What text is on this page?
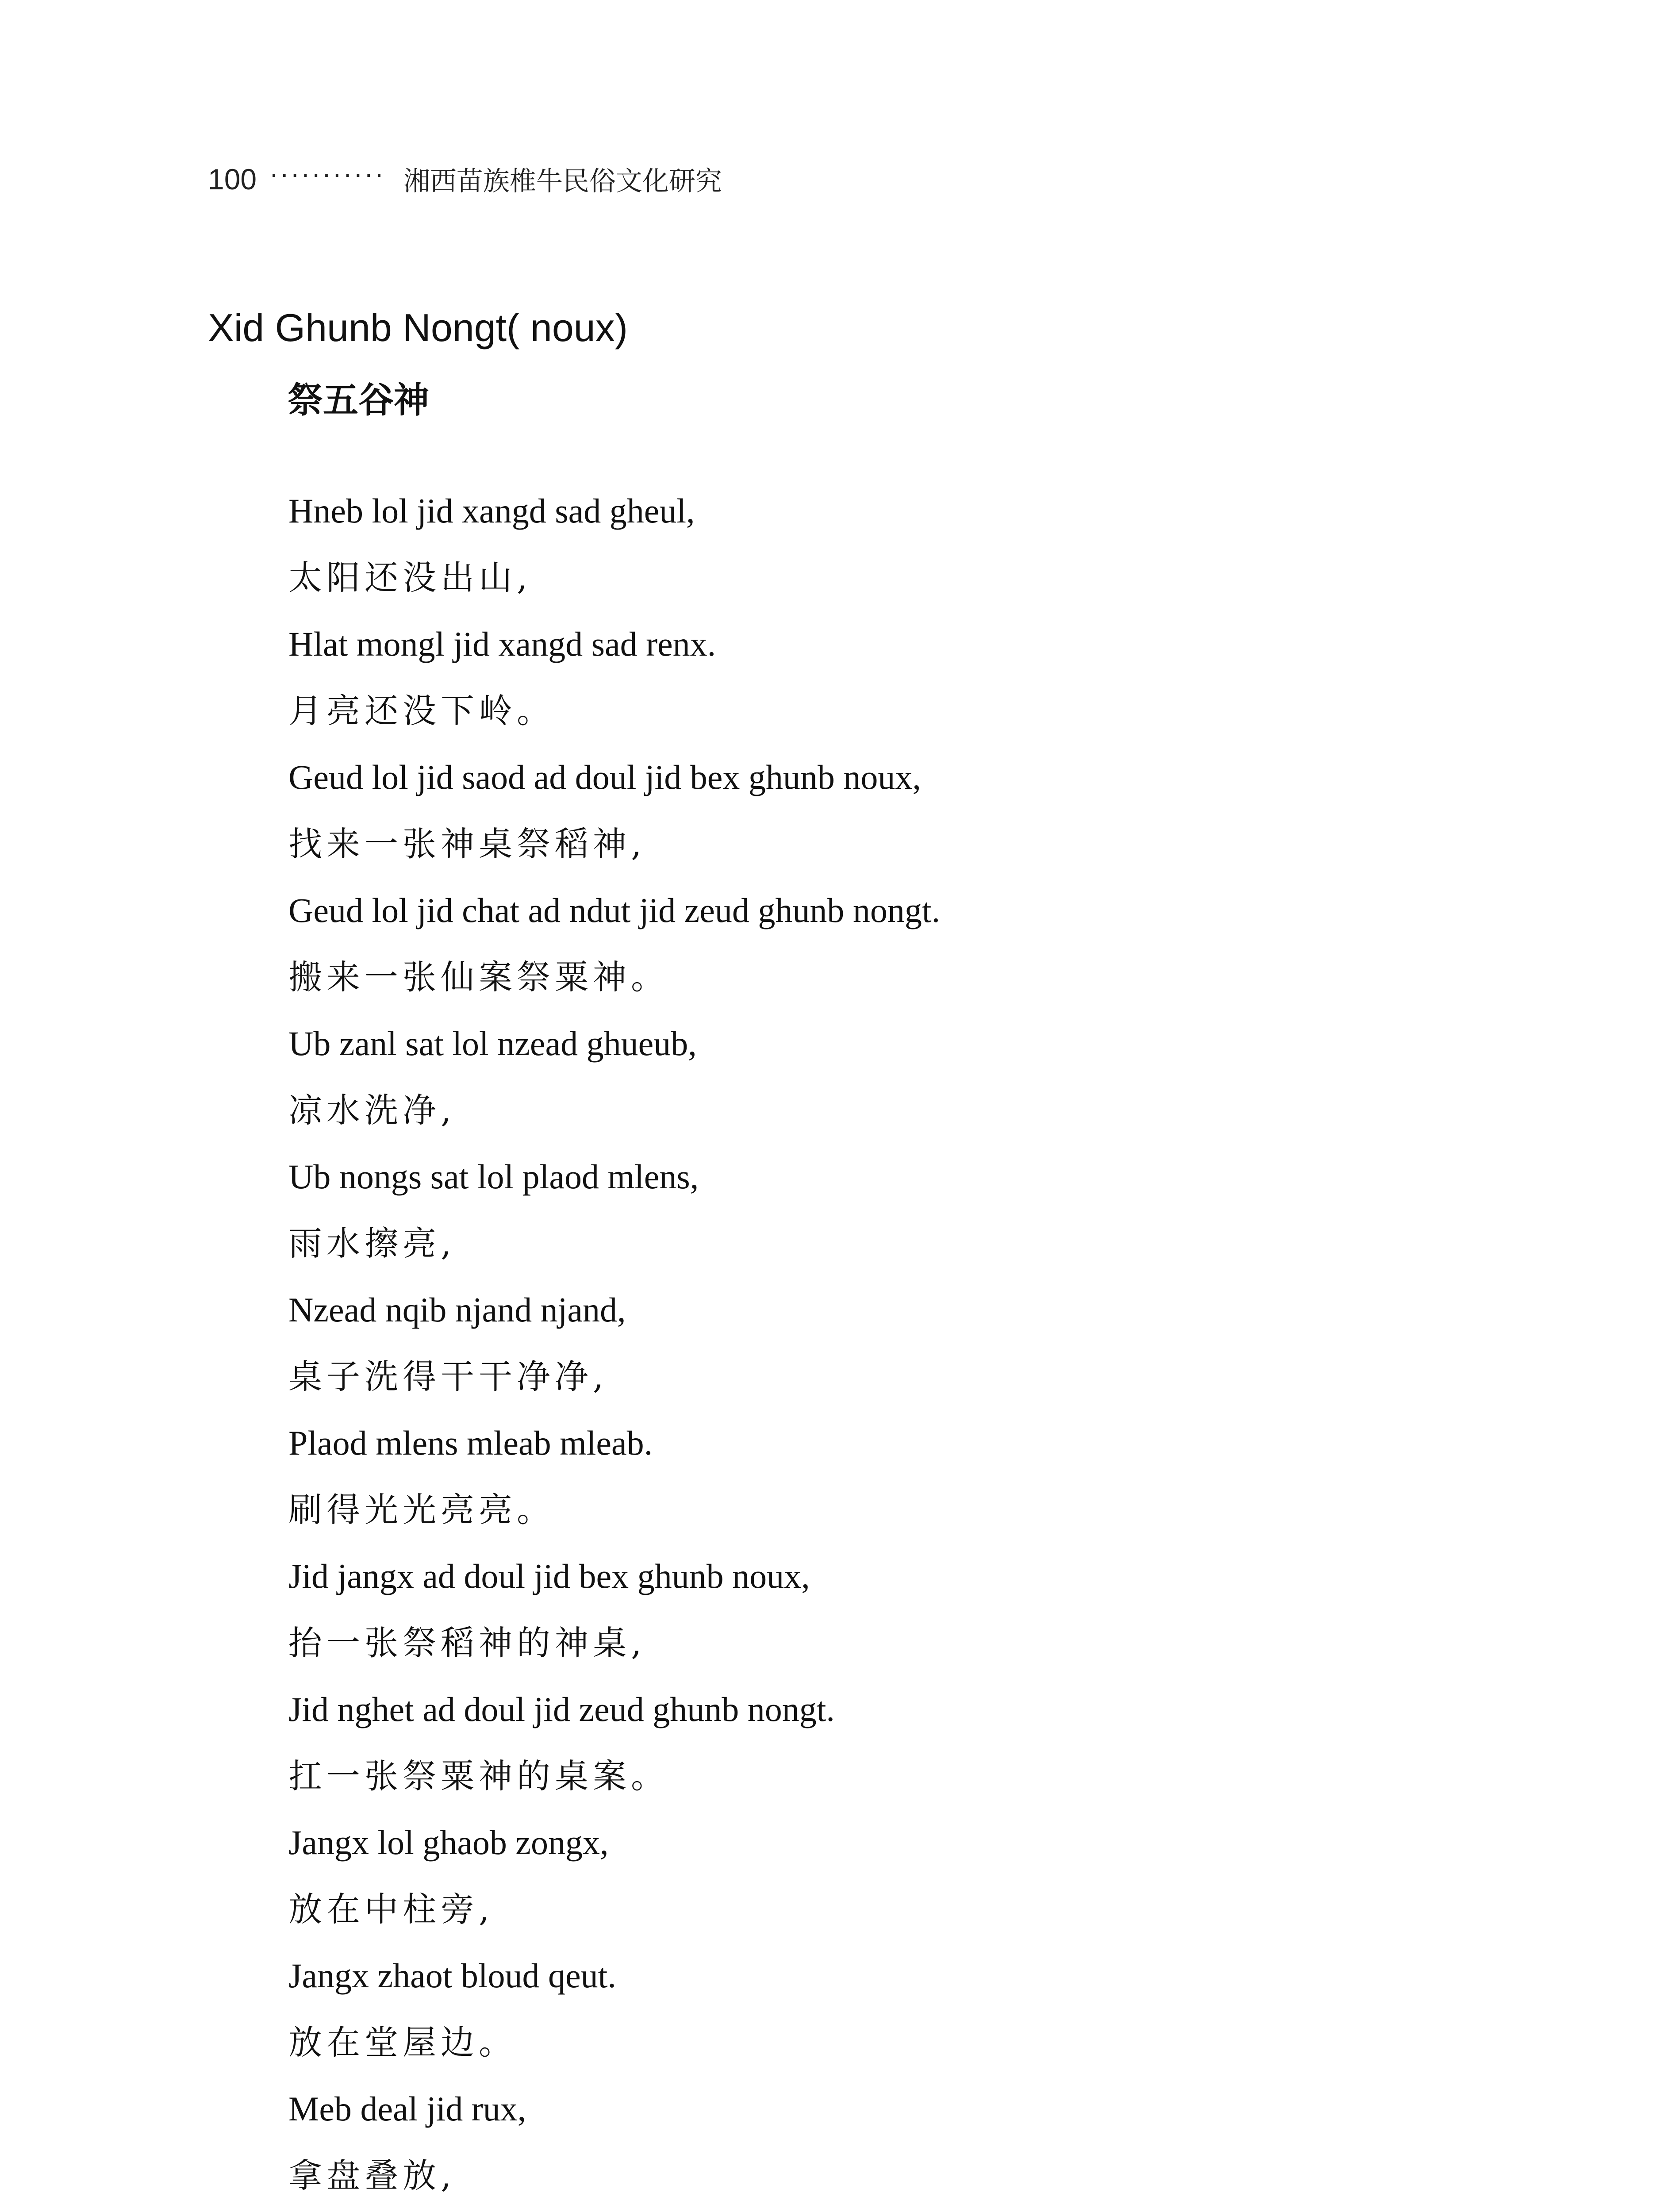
100 ··········· 湘西苗族椎牛民俗文化研究
Xid Ghunb Nongt( noux)
祭五谷神
Hneb lol jid xangd sad gheul,
太阳还没出山,
Hlat mongl jid xangd sad renx.
月亮还没下岭。
Geud lol jid saod ad doul jid bex ghunb noux,
找来一张神桌祭稻神,
Geud lol jid chat ad ndut jid zeud ghunb nongt.
搬来一张仙案祭粟神。
Ub zanl sat lol nzead ghueub,
凉水洗净,
Ub nongs sat lol plaod mlens,
雨水擦亮,
Nzead nqib njand njand,
桌子洗得干干净净,
Plaod mlens mleab mleab.
刷得光光亮亮。
Jid jangx ad doul jid bex ghunb noux,
抬一张祭稻神的神桌,
Jid nghet ad doul jid zeud ghunb nongt.
扛一张祭粟神的桌案。
Jangx lol ghaob zongx,
放在中柱旁,
Jangx zhaot bloud qeut.
放在堂屋边。
Meb deal jid rux,
拿盘叠放,
